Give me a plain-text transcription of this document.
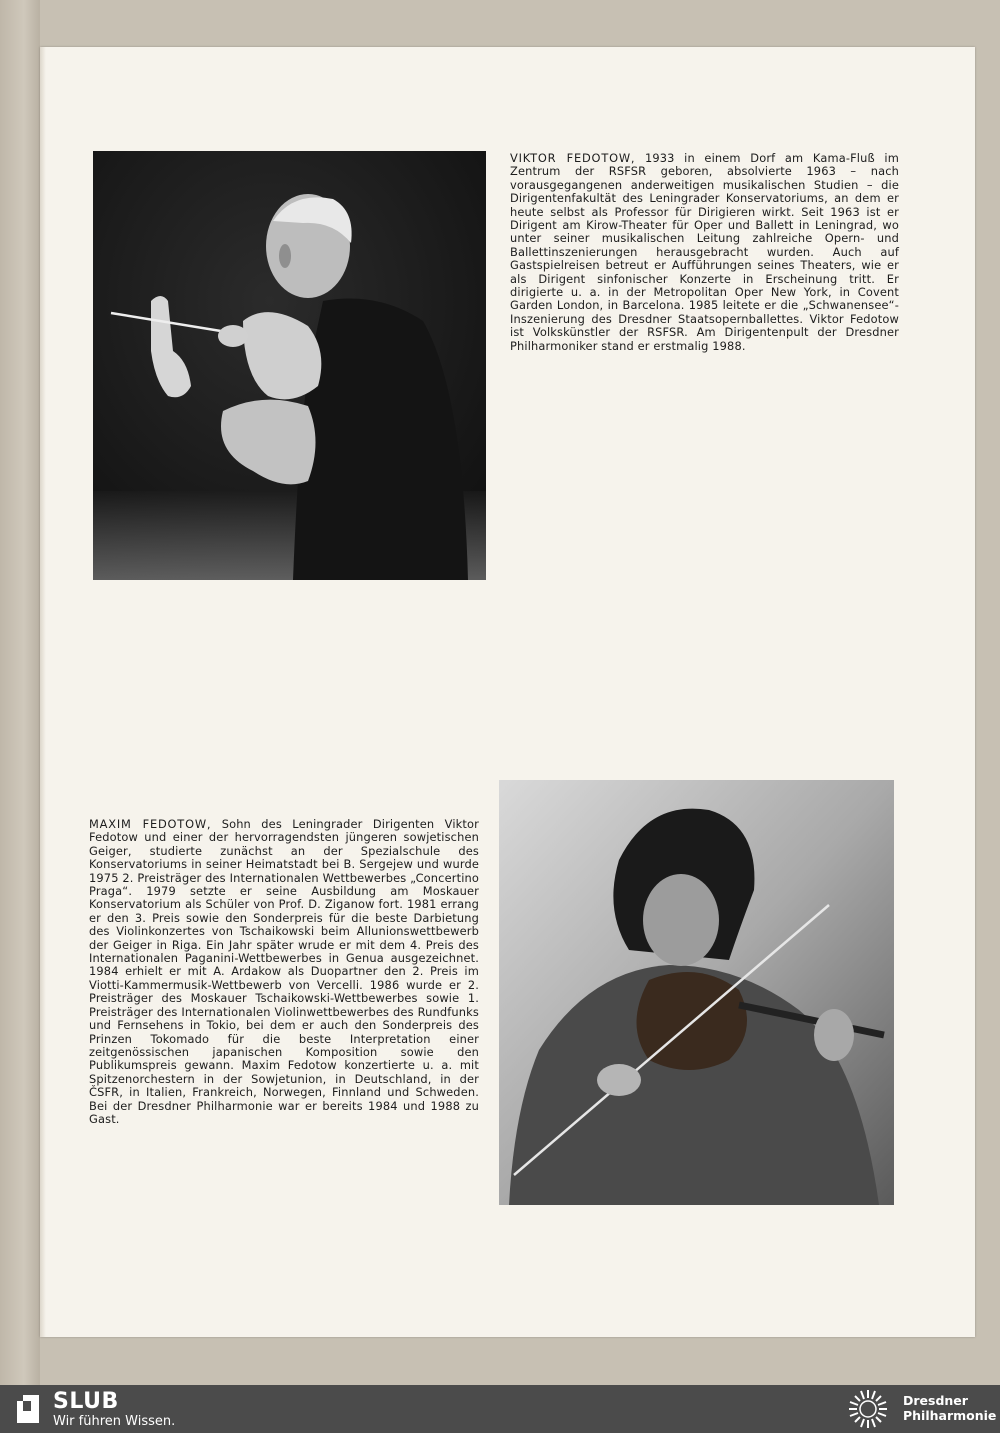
VIKTOR FEDOTOW, 1933 in einem Dorf am Kama-Fluß im Zentrum der RSFSR geboren, absolvierte 1963 – nach vorausgegangenen anderweitigen musikalischen Studien – die Dirigentenfakultät des Leningrader Konservatoriums, an dem er heute selbst als Professor für Dirigieren wirkt. Seit 1963 ist er Dirigent am Kirow-Theater für Oper und Ballett in Leningrad, wo unter seiner musikalischen Leitung zahlreiche Opern- und Ballettinszenierungen herausgebracht wurden. Auch auf Gastspielreisen betreut er Aufführungen seines Theaters, wie er als Dirigent sinfonischer Konzerte in Erscheinung tritt. Er dirigierte u. a. in der Metropolitan Oper New York, in Covent Garden London, in Barcelona. 1985 leitete er die „Schwanensee“-Inszenierung des Dresdner Staatsopernballettes. Viktor Fedotow ist Volkskünstler der RSFSR. Am Dirigentenpult der Dresdner Philharmoniker stand er erstmalig 1988.
MAXIM FEDOTOW, Sohn des Leningrader Dirigenten Viktor Fedotow und einer der hervorragendsten jüngeren sowjetischen Geiger, studierte zunächst an der Spezialschule des Konservatoriums in seiner Heimatstadt bei B. Sergejew und wurde 1975 2. Preisträger des Internationalen Wettbewerbes „Concertino Praga“. 1979 setzte er seine Ausbildung am Moskauer Konservatorium als Schüler von Prof. D. Ziganow fort. 1981 errang er den 3. Preis sowie den Sonderpreis für die beste Darbietung des Violinkonzertes von Tschaikowski beim Allunionswettbewerb der Geiger in Riga. Ein Jahr später wrude er mit dem 4. Preis des Internationalen Paganini-Wettbewerbes in Genua ausgezeichnet. 1984 erhielt er mit A. Ardakow als Duopartner den 2. Preis im Viotti-Kammermusik-Wettbewerb von Vercelli. 1986 wurde er 2. Preisträger des Moskauer Tschaikowski-Wettbewerbes sowie 1. Preisträger des Internationalen Violinwettbewerbes des Rundfunks und Fernsehens in Tokio, bei dem er auch den Sonderpreis des Prinzen Tokomado für die beste Interpretation einer zeitgenössischen japanischen Komposition sowie den Publikumspreis gewann. Maxim Fedotow konzertierte u. a. mit Spitzenorchestern in der Sowjetunion, in Deutschland, in der ČSFR, in Italien, Frankreich, Norwegen, Finnland und Schweden. Bei der Dresdner Philharmonie war er bereits 1984 und 1988 zu Gast.
SLUB
Wir führen Wissen.
Dresdner
Philharmonie
